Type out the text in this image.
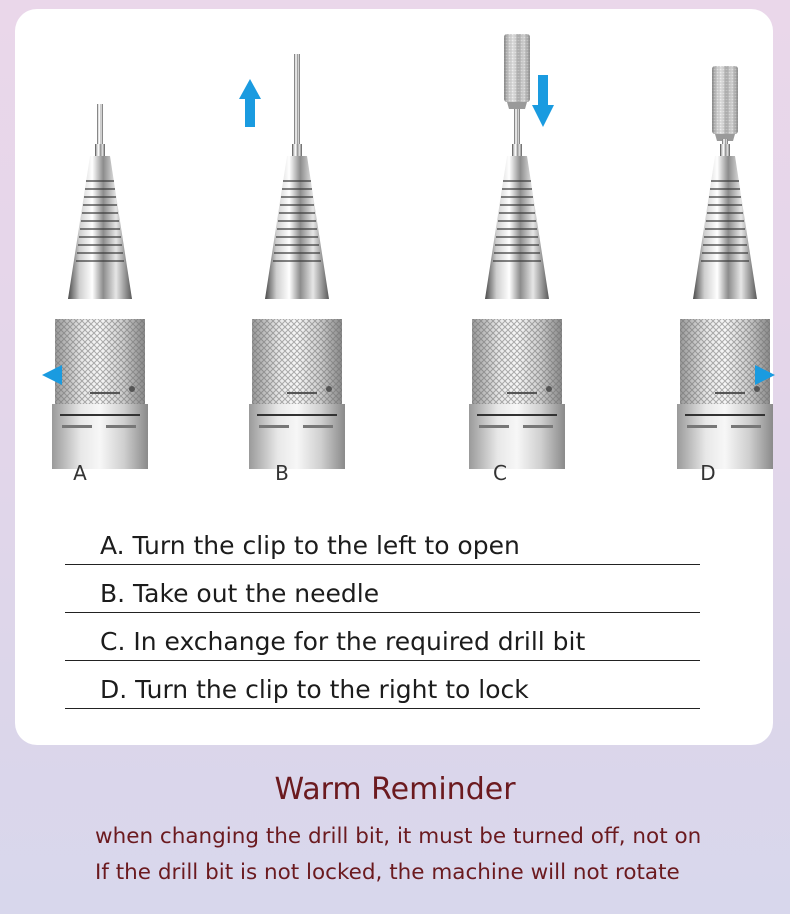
A	B	C	D

A. Turn the clip to the left to open
B. Take out the needle
C. In exchange for the required drill bit
D. Turn the clip to the right to lock
Warm Reminder

when changing the drill bit, it must be turned off, not on

If the drill bit is not locked, the machine will not rotate
